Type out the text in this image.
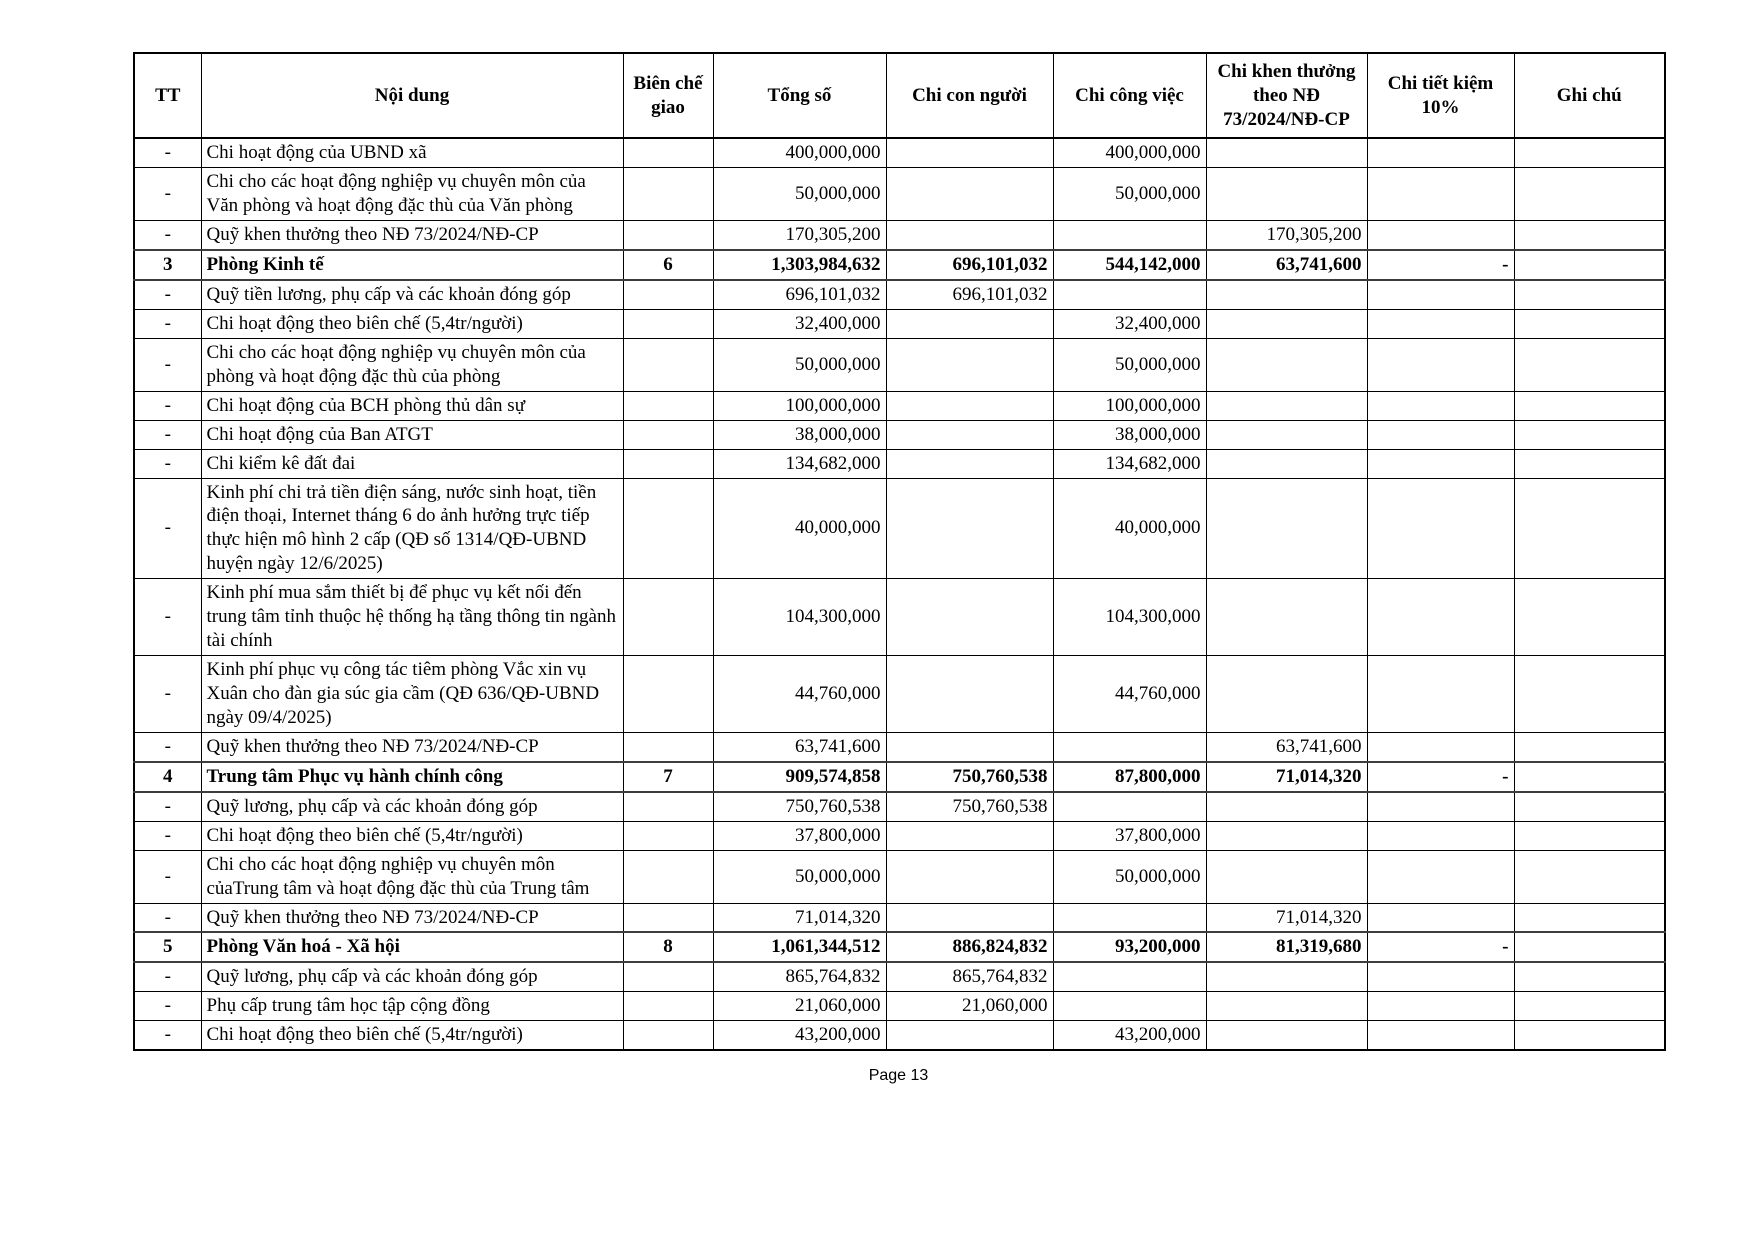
TT	Nội dung	Biên chế giao	Tổng số	Chi con người	Chi công việc	Chi khen thưởng theo NĐ 73/2024/NĐ-CP	Chi tiết kiệm 10%	Ghi chú
-	Chi hoạt động của UBND xã		400,000,000		400,000,000			
-	Chi cho các hoạt động nghiệp vụ chuyên môn của Văn phòng và hoạt động đặc thù của Văn phòng		50,000,000		50,000,000			
-	Quỹ khen thưởng theo NĐ 73/2024/NĐ-CP		170,305,200			170,305,200		
3	Phòng Kinh tế	6	1,303,984,632	696,101,032	544,142,000	63,741,600	-	
-	Quỹ tiền lương, phụ cấp và các khoản đóng góp		696,101,032	696,101,032				
-	Chi hoạt động theo biên chế (5,4tr/người)		32,400,000		32,400,000			
-	Chi cho các hoạt động nghiệp vụ chuyên môn của phòng và hoạt động đặc thù của phòng		50,000,000		50,000,000			
-	Chi hoạt động của BCH phòng thủ dân sự		100,000,000		100,000,000			
-	Chi hoạt động của Ban ATGT		38,000,000		38,000,000			
-	Chi kiểm kê đất đai		134,682,000		134,682,000			
-	Kinh phí chi trả tiền điện sáng, nước sinh hoạt, tiền điện thoại, Internet tháng 6 do ảnh hưởng trực tiếp thực hiện mô hình 2 cấp (QĐ số 1314/QĐ-UBND huyện ngày 12/6/2025)		40,000,000		40,000,000			
-	Kinh phí mua sắm thiết bị để phục vụ kết nối đến trung tâm tỉnh thuộc hệ thống hạ tầng thông tin ngành tài chính		104,300,000		104,300,000			
-	Kinh phí phục vụ công tác tiêm phòng Vắc xin vụ Xuân cho đàn gia súc gia cầm (QĐ 636/QĐ-UBND ngày 09/4/2025)		44,760,000		44,760,000			
-	Quỹ khen thưởng theo NĐ 73/2024/NĐ-CP		63,741,600			63,741,600		
4	Trung tâm Phục vụ hành chính công	7	909,574,858	750,760,538	87,800,000	71,014,320	-	
-	Quỹ lương, phụ cấp và các khoản đóng góp		750,760,538	750,760,538				
-	Chi hoạt động theo biên chế (5,4tr/người)		37,800,000		37,800,000			
-	Chi cho các hoạt động nghiệp vụ chuyên môn củaTrung tâm và hoạt động đặc thù của Trung tâm		50,000,000		50,000,000			
-	Quỹ khen thưởng theo NĐ 73/2024/NĐ-CP		71,014,320			71,014,320		
5	Phòng Văn hoá - Xã hội	8	1,061,344,512	886,824,832	93,200,000	81,319,680	-	
-	Quỹ lương, phụ cấp và các khoản đóng góp		865,764,832	865,764,832				
-	Phụ cấp trung tâm học tập cộng đồng		21,060,000	21,060,000				
-	Chi hoạt động theo biên chế (5,4tr/người)		43,200,000		43,200,000			
Page 13
